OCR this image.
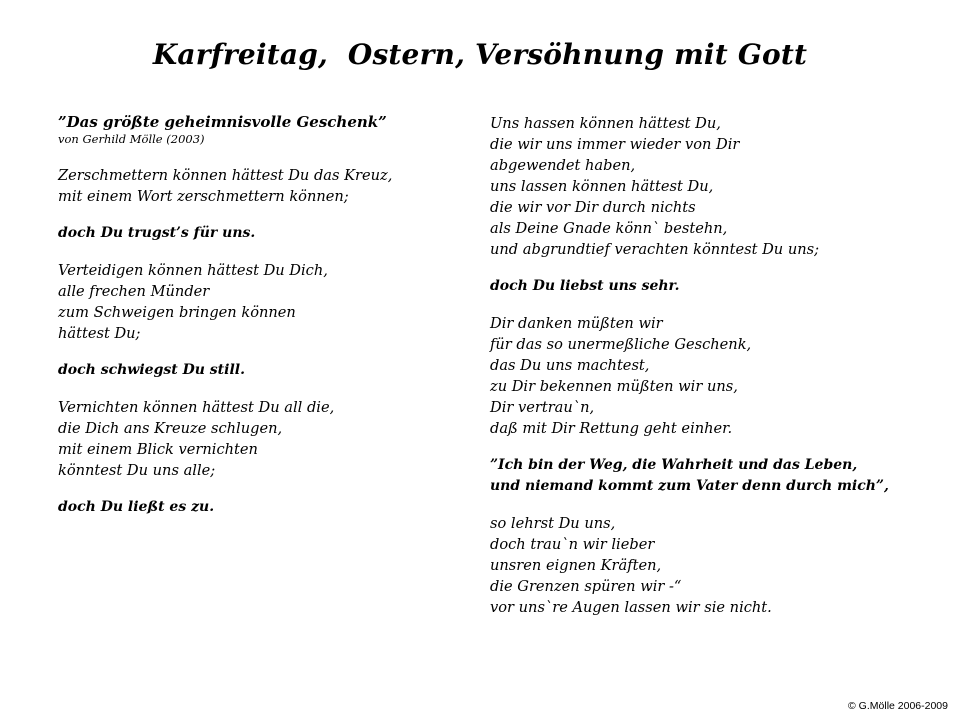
Karfreitag,  Ostern, Versöhnung mit Gott

”Das größte geheimnisvolle Geschenk”

von Gerhild Mölle (2003)

Zerschmettern können hättest Du das Kreuz,
mit einem Wort zerschmettern können;
doch Du trugst’s für uns.
Verteidigen können hättest Du Dich,
alle frechen Münder
zum Schweigen bringen können
hättest Du;
doch schwiegst Du still.
Vernichten können hättest Du all die,
die Dich ans Kreuze schlugen,
mit einem Blick vernichten
könntest Du uns alle;
doch Du ließt es zu.
Uns hassen können hättest Du,
die wir uns immer wieder von Dir
abgewendet haben,
uns lassen können hättest Du,
die wir vor Dir durch nichts
als Deine Gnade könn` bestehn,
und abgrundtief verachten könntest Du uns;
doch Du liebst uns sehr.
Dir danken müßten wir
für das so unermeßliche Geschenk,
das Du uns machtest,
zu Dir bekennen müßten wir uns,
Dir vertrau`n,
daß mit Dir Rettung geht einher.
”Ich bin der Weg, die Wahrheit und das Leben,
und niemand kommt zum Vater denn durch mich”,
so lehrst Du uns,
doch trau`n wir lieber
unsren eignen Kräften,
die Grenzen spüren wir -“
vor uns`re Augen lassen wir sie nicht.
© G.Mölle 2006-2009
